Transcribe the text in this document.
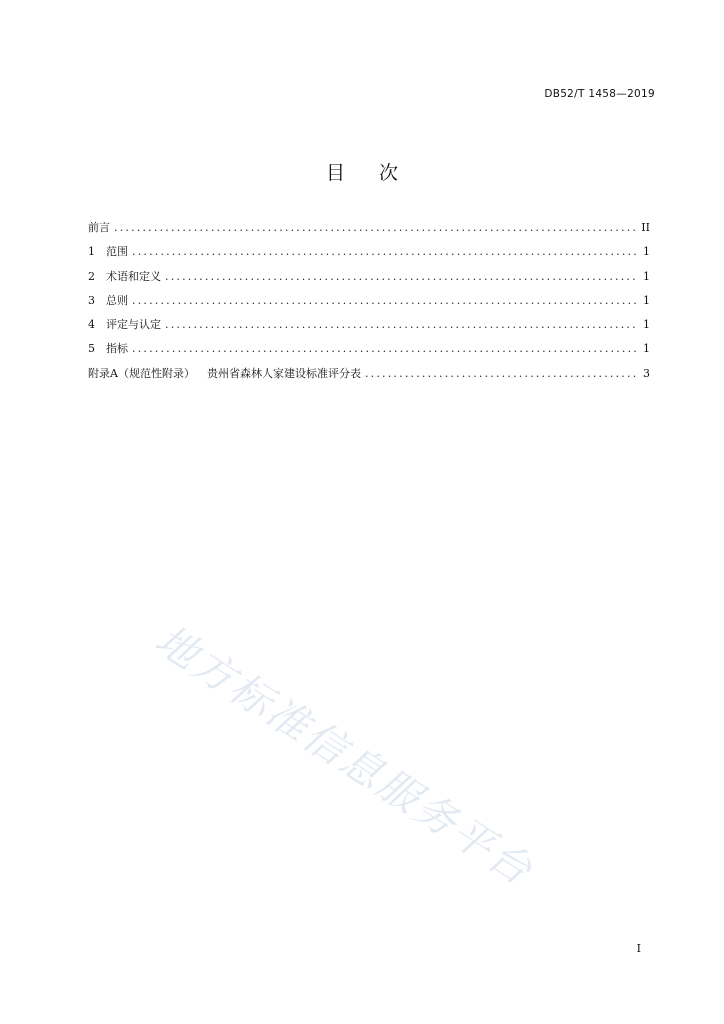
DB52/T 1458—2019
目 次
前言 .....	II
1	范围 .....	1
2	术语和定义 .....	1
3	总则 .....	1
4	评定与认定 .....	1
5	指标 .....	1
附录A（规范性附录） 贵州省森林人家建设标准评分表 .....	3
地方标准信息服务平台
I
